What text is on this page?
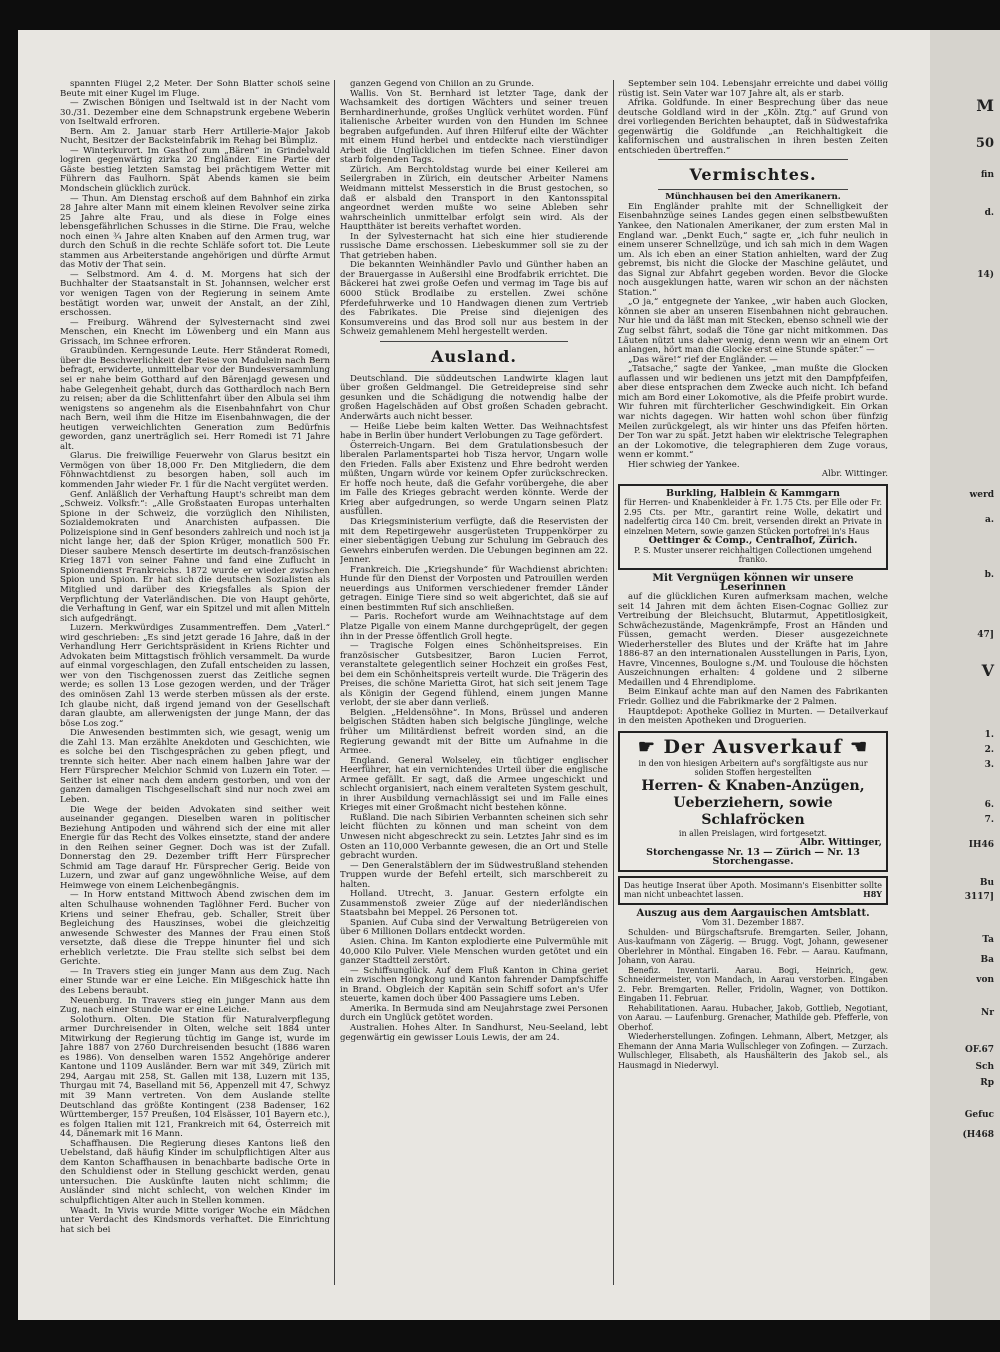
M
50
fin
d.
14)
werd
a.
b.
47]
V
1.
2.
3.
6.
7.
IH46
Bu
3117]
Ta
Ba
von
Nr
OF.67
Sch
Rp
Gefuc
(H468

spannten Flügel 2,2 Meter. Der Sohn Blatter schoß seine Beute mit einer Kugel im Fluge.

— Zwischen Bönigen und Iseltwald ist in der Nacht vom 30./31. Dezember eine dem Schnapstrunk ergebene Weberin von Iseltwald erfroren.

Bern. Am 2. Januar starb Herr Artillerie-Major Jakob Nucht, Besitzer der Backsteinfabrik im Rehag bei Bümpliz.

— Winterkurort. Im Gasthof zum „Bären“ in Grindelwald logiren gegenwärtig zirka 20 Engländer. Eine Partie der Gäste bestieg letzten Samstag bei prächtigem Wetter mit Führern das Faulhorn. Spät Abends kamen sie beim Mondschein glücklich zurück.

— Thun. Am Dienstag erschoß auf dem Bahnhof ein zirka 28 Jahre alter Mann mit einem kleinen Revolver seine zirka 25 Jahre alte Frau, und als diese in Folge eines lebensgefährlichen Schusses in die Stirne. Die Frau, welche noch einen ¾ Jahre alten Knaben auf den Armen trug, war durch den Schuß in die rechte Schläfe sofort tot. Die Leute stammen aus Arbeiterstande angehörigen und dürfte Armut das Motiv der That sein.

— Selbstmord. Am 4. d. M. Morgens hat sich der Buchhalter der Staatsanstalt in St. Johannsen, welcher erst vor wenigen Tagen von der Regierung in seinem Amte bestätigt worden war, unweit der Anstalt, an der Zihl, erschossen.

— Freiburg. Während der Sylvesternacht sind zwei Menschen, ein Knecht im Löwenberg und ein Mann aus Grissach, im Schnee erfroren.

Graubünden. Kerngesunde Leute. Herr Ständerat Romedi, über die Beschwerlichkeit der Reise von Madulein nach Bern befragt, erwiderte, unmittelbar vor der Bundesversammlung sei er nahe beim Gotthard auf den Bärenjagd gewesen und habe Gelegenheit gehabt, durch das Gotthardloch nach Bern zu reisen; aber da die Schlittenfahrt über den Albula sei ihm wenigstens so angenehm als die Eisenbahnfahrt von Chur nach Bern, weil ihm die Hitze im Eisenbahnwagen, die der heutigen verweichlichten Generation zum Bedürfnis geworden, ganz unerträglich sei. Herr Romedi ist 71 Jahre alt.

Glarus. Die freiwillige Feuerwehr von Glarus besitzt ein Vermögen von über 18,000 Fr. Den Mitgliedern, die dem Föhnwachtdienst zu besorgen haben, soll auch im kommenden Jahr wieder Fr. 1 für die Nacht vergütet werden.

Genf. Anläßlich der Verhaftung Haupt's schreibt man dem „Schweiz. Volksfr.“: „Alle Großstaaten Europas unterhalten Spione in der Schweiz, die vorzüglich den Nihilisten, Sozialdemokraten und Anarchisten aufpassen. Die Polizeispione sind in Genf besonders zahlreich und noch ist ja nicht lange her, daß der Spion Krüger, monatlich 500 Fr. Dieser saubere Mensch desertirte im deutsch-französischen Krieg 1871 von seiner Fahne und fand eine Zuflucht in Spionendienst Frankreichs. 1872 wurde er wieder zwischen Spion und Spion. Er hat sich die deutschen Sozialisten als Mitglied und darüber des Kriegsfalles als Spion der Verpflichtung der Vaterländischen. Die von Haupt gehörte, die Verhaftung in Genf, war ein Spitzel und mit allen Mitteln sich aufgedrängt.

Luzern. Merkwürdiges Zusammentreffen. Dem „Vaterl.“ wird geschrieben: „Es sind jetzt gerade 16 Jahre, daß in der Verhandlung Herr Gerichtspräsident in Kriens Richter und Advokaten beim Mittagstisch fröhlich versammelt. Da wurde auf einmal vorgeschlagen, den Zufall entscheiden zu lassen, wer von den Tischgenossen zuerst das Zeitliche segnen werde; es sollen 13 Lose gezogen werden, und der Träger des ominösen Zahl 13 werde sterben müssen als der erste. Ich glaube nicht, daß irgend jemand von der Gesellschaft daran glaubte, am allerwenigsten der junge Mann, der das böse Los zog.“

Die Anwesenden bestimmten sich, wie gesagt, wenig um die Zahl 13. Man erzählte Anekdoten und Geschichten, wie es solche bei den Tischgesprächen zu geben pflegt, und trennte sich heiter. Aber nach einem halben Jahre war der Herr Fürsprecher Melchior Schmid von Luzern ein Toter. — Seither ist einer nach dem andern gestorben, und von der ganzen damaligen Tischgesellschaft sind nur noch zwei am Leben.

Die Wege der beiden Advokaten sind seither weit auseinander gegangen. Dieselben waren in politischer Beziehung Antipoden und während sich der eine mit aller Energie für das Recht des Volkes einsetzte, stand der andere in den Reihen seiner Gegner. Doch was ist der Zufall. Donnerstag den 29. Dezember trifft Herr Fürsprecher Schmid am Tage darauf Hr. Fürsprecher Gerig. Beide von Luzern, und zwar auf ganz ungewöhnliche Weise, auf dem Heimwege von einem Leichenbegängnis.

— In Horw entstand Mittwoch Abend zwischen dem im alten Schulhause wohnenden Taglöhner Ferd. Bucher von Kriens und seiner Ehefrau, geb. Schaller, Streit über Begleichung des Hauszinses, wobei die gleichzeitig anwesende Schwester des Mannes der Frau einen Stoß versetzte, daß diese die Treppe hinunter fiel und sich erheblich verletzte. Die Frau stellte sich selbst bei dem Gerichte.

— In Travers stieg ein junger Mann aus dem Zug. Nach einer Stunde war er eine Leiche. Ein Mißgeschick hatte ihn des Lebens beraubt.

Neuenburg. In Travers stieg ein junger Mann aus dem Zug, nach einer Stunde war er eine Leiche.

Solothurn. Olten. Die Station für Naturalverpflegung armer Durchreisender in Olten, welche seit 1884 unter Mitwirkung der Regierung tüchtig im Gange ist, wurde im Jahre 1887 von 2760 Durchreisenden besucht (1886 waren es 1986). Von denselben waren 1552 Angehörige anderer Kantone und 1109 Ausländer. Bern war mit 349, Zürich mit 294, Aargau mit 258, St. Gallen mit 138, Luzern mit 135, Thurgau mit 74, Baselland mit 56, Appenzell mit 47, Schwyz mit 39 Mann vertreten. Von dem Auslande stellte Deutschland das größte Kontingent (238 Badenser, 162 Württemberger, 157 Preußen, 104 Elsässer, 101 Bayern etc.), es folgen Italien mit 121, Frankreich mit 64, Österreich mit 44, Dänemark mit 16 Mann.

Schaffhausen. Die Regierung dieses Kantons ließ den Uebelstand, daß häufig Kinder im schulpflichtigen Alter aus dem Kanton Schaffhausen in benachbarte badische Orte in den Schuldienst oder in Stellung geschickt werden, genau untersuchen. Die Auskünfte lauten nicht schlimm; die Ausländer sind nicht schlecht, von welchen Kinder im schulpflichtigen Alter auch in Stellen kommen.

Waadt. In Vivis wurde Mitte voriger Woche ein Mädchen unter Verdacht des Kindsmords verhaftet. Die Einrichtung hat sich bei

ganzen Gegend von Chillon an zu Grunde.

Wallis. Von St. Bernhard ist letzter Tage, dank der Wachsamkeit des dortigen Wächters und seiner treuen Bernhardinerhunde, großes Unglück verhütet worden. Fünf italienische Arbeiter wurden von den Hunden im Schnee begraben aufgefunden. Auf ihren Hilferuf eilte der Wächter mit einem Hund herbei und entdeckte nach vierstündiger Arbeit die Unglücklichen im tiefen Schnee. Einer davon starb folgenden Tags.

Zürich. Am Berchtoldstag wurde bei einer Keilerei am Seilergraben in Zürich, ein deutscher Arbeiter Namens Weidmann mittelst Messerstich in die Brust gestochen, so daß er alsbald den Transport in den Kantonsspital angeordnet werden mußte wo seine Ableben sehr wahrscheinlich unmittelbar erfolgt sein wird. Als der Hauptthäter ist bereits verhaftet worden.

In der Sylvesternacht hat sich eine hier studierende russische Dame erschossen. Liebeskummer soll sie zu der That getrieben haben.

Die bekannten Weinhändler Pavlo und Günther haben an der Brauergasse in Außersihl eine Brodfabrik errichtet. Die Bäckerei hat zwei große Oefen und vermag im Tage bis auf 6000 Stück Brodlaibe zu erstellen. Zwei schöne Pferdefuhrwerke und 10 Handwagen dienen zum Vertrieb des Fabrikates. Die Preise sind diejenigen des Konsumvereins und das Brod soll nur aus bestem in der Schweiz gemahlenem Mehl hergestellt werden.

Ausland.

Deutschland. Die süddeutschen Landwirte klagen laut über großen Geldmangel. Die Getreidepreise sind sehr gesunken und die Schädigung die notwendig halbe der großen Hagelschäden auf Obst großen Schaden gebracht. Anderwärts auch nicht besser.

— Heiße Liebe beim kalten Wetter. Das Weihnachtsfest habe in Berlin über hundert Verlobungen zu Tage gefördert.

Österreich-Ungarn. Bei dem Gratulationsbesuch der liberalen Parlamentspartei hob Tisza hervor, Ungarn wolle den Frieden. Falls aber Existenz und Ehre bedroht werden müßten, Ungarn würde vor keinem Opfer zurückschrecken. Er hoffe noch heute, daß die Gefahr vorübergehe, die aber im Falle des Krieges gebracht werden könnte. Werde der Krieg aber aufgedrungen, so werde Ungarn seinen Platz ausfüllen.

Das Kriegsministerium verfügte, daß die Reservisten der mit dem Repetirgewehr ausgerüsteten Truppenkörper zu einer siebentägigen Uebung zur Schulung im Gebrauch des Gewehrs einberufen werden. Die Uebungen beginnen am 22. Jenner.

Frankreich. Die „Kriegshunde“ für Wachdienst abrichten: Hunde für den Dienst der Vorposten und Patrouillen werden neuerdings aus Uniformen verschiedener fremder Länder getragen. Einige Tiere sind so weit abgerichtet, daß sie auf einen bestimmten Ruf sich anschließen.

— Paris. Rochefort wurde am Weihnachtstage auf dem Platze Pigalle von einem Manne durchgeprügelt, der gegen ihn in der Presse öffentlich Groll hegte.

— Tragische Folgen eines Schönheitspreises. Ein französischer Gutsbesitzer, Baron Lucien Ferrot, veranstaltete gelegentlich seiner Hochzeit ein großes Fest, bei dem ein Schönheitspreis verteilt wurde. Die Trägerin des Preises, die schöne Marietta Girot, hat sich seit jenem Tage als Königin der Gegend fühlend, einem jungen Manne verlobt, der sie aber dann verließ.

Belgien. „Heldensöhne“. In Mons, Brüssel und anderen belgischen Städten haben sich belgische Jünglinge, welche früher um Militärdienst befreit worden sind, an die Regierung gewandt mit der Bitte um Aufnahme in die Armee.

England. General Wolseley, ein tüchtiger englischer Heerführer, hat ein vernichtendes Urteil über die englische Armee gefällt. Er sagt, daß die Armee ungeschickt und schlecht organisiert, nach einem veralteten System geschult, in ihrer Ausbildung vernachlässigt sei und im Falle eines Krieges mit einer Großmacht nicht bestehen könne.

Rußland. Die nach Sibirien Verbannten scheinen sich sehr leicht flüchten zu können und man scheint von dem Unwesen nicht abgeschreckt zu sein. Letztes Jahr sind es im Osten an 110,000 Verbannte gewesen, die an Ort und Stelle gebracht wurden.

— Den Generalstäblern der im Südwestrußland stehenden Truppen wurde der Befehl erteilt, sich marschbereit zu halten.

Holland. Utrecht, 3. Januar. Gestern erfolgte ein Zusammenstoß zweier Züge auf der niederländischen Staatsbahn bei Meppel. 26 Personen tot.

Spanien. Auf Cuba sind der Verwaltung Betrügereien von über 6 Millionen Dollars entdeckt worden.

Asien. China. Im Kanton explodierte eine Pulvermühle mit 40,000 Kilo Pulver. Viele Menschen wurden getötet und ein ganzer Stadtteil zerstört.

— Schiffsunglück. Auf dem Fluß Kanton in China geriet ein zwischen Hongkong und Kanton fahrender Dampfschiffe in Brand. Obgleich der Kapitän sein Schiff sofort an's Ufer steuerte, kamen doch über 400 Passagiere ums Leben.

Amerika. In Bermuda sind am Neujahrstage zwei Personen durch ein Unglück getötet worden.

Australien. Hohes Alter. In Sandhurst, Neu-Seeland, lebt gegenwärtig ein gewisser Louis Lewis, der am 24.

September sein 104. Lebensjahr erreichte und dabei völlig rüstig ist. Sein Vater war 107 Jahre alt, als er starb.

Afrika. Goldfunde. In einer Besprechung über das neue deutsche Goldland wird in der „Köln. Ztg.“ auf Grund von drei vorliegenden Berichten behauptet, daß in Südwestafrika gegenwärtig die Goldfunde „an Reichhaltigkeit die kalifornischen und australischen in ihren besten Zeiten entschieden übertreffen.“

Vermischtes.

Münchhausen bei den Amerikanern.

Ein Engländer prahlte mit der Schnelligkeit der Eisenbahnzüge seines Landes gegen einen selbstbewußten Yankee, den Nationalen Amerikaner, der zum ersten Mal in England war. „Denkt Euch,“ sagte er, „ich fuhr neulich in einem unserer Schnellzüge, und ich sah mich in dem Wagen um. Als ich eben an einer Station anhielten, ward der Zug gebremst, bis nicht die Glocke der Maschine geläutet, und das Signal zur Abfahrt gegeben worden. Bevor die Glocke noch ausgeklungen hatte, waren wir schon an der nächsten Station.“

„O ja,“ entgegnete der Yankee, „wir haben auch Glocken, können sie aber an unseren Eisenbahnen nicht gebrauchen. Nur hie und da läßt man mit Stecken, ebenso schnell wie der Zug selbst fährt, sodaß die Töne gar nicht mitkommen. Das Läuten nützt uns daher wenig, denn wenn wir an einem Ort anlangen, hört man die Glocke erst eine Stunde später.“ —

„Das wäre!“ rief der Engländer. —

„Tatsache,“ sagte der Yankee, „man mußte die Glocken auflassen und wir bedienen uns jetzt mit den Dampfpfeifen, aber diese entsprachen dem Zwecke auch nicht. Ich befand mich am Bord einer Lokomotive, als die Pfeife probirt wurde. Wir fuhren mit fürchterlicher Geschwindigkeit. Ein Orkan war nichts dagegen. Wir hatten wohl schon über fünfzig Meilen zurückgelegt, als wir hinter uns das Pfeifen hörten. Der Ton war zu spät. Jetzt haben wir elektrische Telegraphen an der Lokomotive, die telegraphieren dem Zuge voraus, wenn er kommt.“

Hier schwieg der Yankee.

Albr. Wittinger.

Burkling, Halblein & Kammgarn
für Herren- und Knabenkleider à Fr. 1.75 Cts. per Elle oder Fr. 2.95 Cts. per Mtr., garantirt reine Wolle, dekatirt und nadelfertig circa 140 Cm. breit, versenden direkt an Private in einzelnen Metern, sowie ganzen Stücken portofrei in's Haus
Oettinger & Comp., Centralhof, Zürich.
P. S. Muster unserer reichhaltigen Collectionen umgehend franko.
Mit Vergnügen können wir unsere Leserinnen

auf die glücklichen Kuren aufmerksam machen, welche seit 14 Jahren mit dem ächten Eisen-Cognac Golliez zur Vertreibung der Bleichsucht, Blutarmut, Appetitlosigkeit, Schwächezustände, Magenkrämpfe, Frost an Händen und Füssen, gemacht werden. Dieser ausgezeichnete Wiederhersteller des Blutes und der Kräfte hat im Jahre 1886-87 an den internationalen Ausstellungen in Paris, Lyon, Havre, Vincennes, Boulogne s./M. und Toulouse die höchsten Auszeichnungen erhalten: 4 goldene und 2 silberne Medaillen und 4 Ehrendiplome.

Beim Einkauf achte man auf den Namen des Fabrikanten Friedr. Golliez und die Fabrikmarke der 2 Palmen.

Hauptdepot: Apotheke Golliez in Murten. — Detailverkauf in den meisten Apotheken und Droguerien.

☛ Der Ausverkauf ☚
in den von hiesigen Arbeitern auf's sorgfältigste aus nur soliden Stoffen hergestellten
Herren- & Knaben-Anzügen, Ueberziehern, sowie Schlafröcken
in allen Preislagen, wird fortgesetzt.
Albr. Wittinger,
Storchengasse Nr. 13 — Zürich — Nr. 13 Storchengasse.
Das heutige Inserat über Apoth. Mosimann's Eisenbitter sollte man nicht unbeachtet lassen.	H8Y
Auszug aus dem Aargauischen Amtsblatt.
Vom 31. Dezember 1887.

Schulden- und Bürgschaftsrufe. Bremgarten. Seiler, Johann, Aus-kaufmann von Zägerig. — Brugg. Vogt, Johann, gewesener Oberlehrer in Mönthal. Eingaben 16. Febr. — Aarau. Kaufmann, Johann, von Aarau.

Benefiz. Inventarii. Aarau. Bogi, Heinrich, gew. Schneidermeister, von Mandach, in Aarau verstorben. Eingaben 2. Febr. Bremgarten. Reller, Fridolin, Wagner, von Dottikon. Eingaben 11. Februar.

Rehabilitationen. Aarau. Hubacher, Jakob, Gottlieb, Negotiant, von Aarau. — Laufenburg. Grenacher, Mathilde geb. Pfefferle, von Oberhof.

Wiederherstellungen. Zofingen. Lehmann, Albert, Metzger, als Ehemann der Anna Maria Wullschleger von Zofingen. — Zurzach. Wullschleger, Elisabeth, als Haushälterin des Jakob sel., als Hausmagd in Niederwyl.
